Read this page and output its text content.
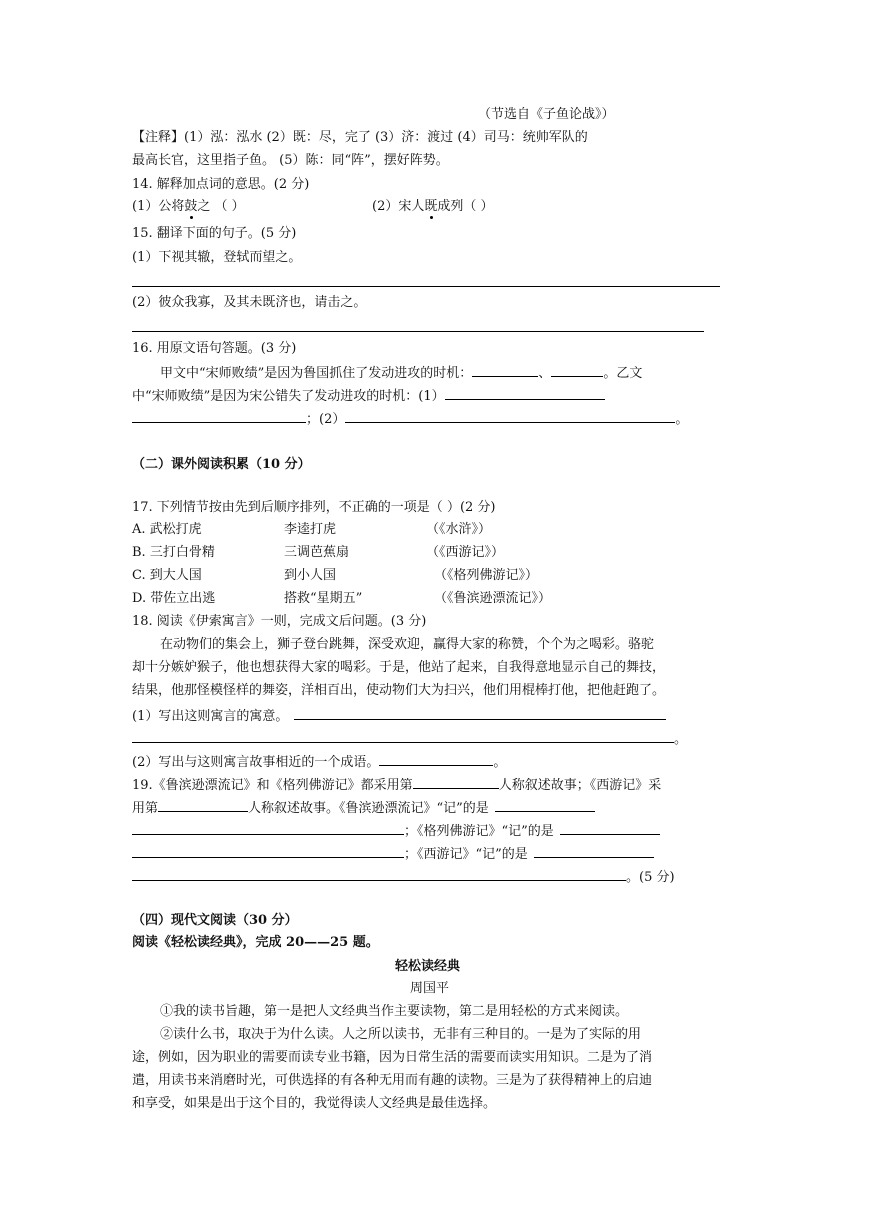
（节选自《子鱼论战》）
【注释】(1）泓：泓水 (2）既：尽，完了 (3）济：渡过 (4）司马：统帅军队的
最高长官，这里指子鱼。 (5）陈：同“阵”，摆好阵势。
14. 解释加点词的意思。(2 分)
(1）公将鼓之 （ ）	(2）宋人既成列（ ）
15. 翻译下面的句子。(5 分)
(1）下视其辙，登轼而望之。
(2）彼众我寡，及其未既济也，请击之。
16. 用原文语句答题。(3 分)
甲文中“宋师败绩”是因为鲁国抓住了发动进攻的时机：	、	。乙文
中“宋师败绩”是因为宋公错失了发动进攻的时机：(1）
；(2）	。
（二）课外阅读积累（10 分）
17. 下列情节按由先到后顺序排列，不正确的一项是（ ）(2 分)
A. 武松打虎	李逵打虎	（《水浒》）
B. 三打白骨精	三调芭蕉扇	（《西游记》）
C. 到大人国	到小人国	（《格列佛游记》）
D. 带佐立出逃	搭救“星期五”	（《鲁滨逊漂流记》）
18. 阅读《伊索寓言》一则，完成文后问题。(3 分)
在动物们的集会上，狮子登台跳舞，深受欢迎，赢得大家的称赞，个个为之喝彩。骆驼
却十分嫉妒猴子，他也想获得大家的喝彩。于是，他站了起来，自我得意地显示自己的舞技，
结果，他那怪模怪样的舞姿，洋相百出，使动物们大为扫兴，他们用棍棒打他，把他赶跑了。
(1）写出这则寓言的寓意。
。
(2）写出与这则寓言故事相近的一个成语。	。
19.《鲁滨逊漂流记》和《格列佛游记》都采用第	人称叙述故事；《西游记》采
用第	人称叙述故事。《鲁滨逊漂流记》“记”的是
；《格列佛游记》“记”的是
；《西游记》“记”的是
。(5 分)
（四）现代文阅读（30 分）
阅读《轻松读经典》，完成 20——25 题。
轻松读经典
周国平
①我的读书旨趣，第一是把人文经典当作主要读物，第二是用轻松的方式来阅读。
②读什么书，取决于为什么读。人之所以读书，无非有三种目的。一是为了实际的用
途，例如，因为职业的需要而读专业书籍，因为日常生活的需要而读实用知识。二是为了消
遣，用读书来消磨时光，可供选择的有各种无用而有趣的读物。三是为了获得精神上的启迪
和享受，如果是出于这个目的，我觉得读人文经典是最佳选择。
